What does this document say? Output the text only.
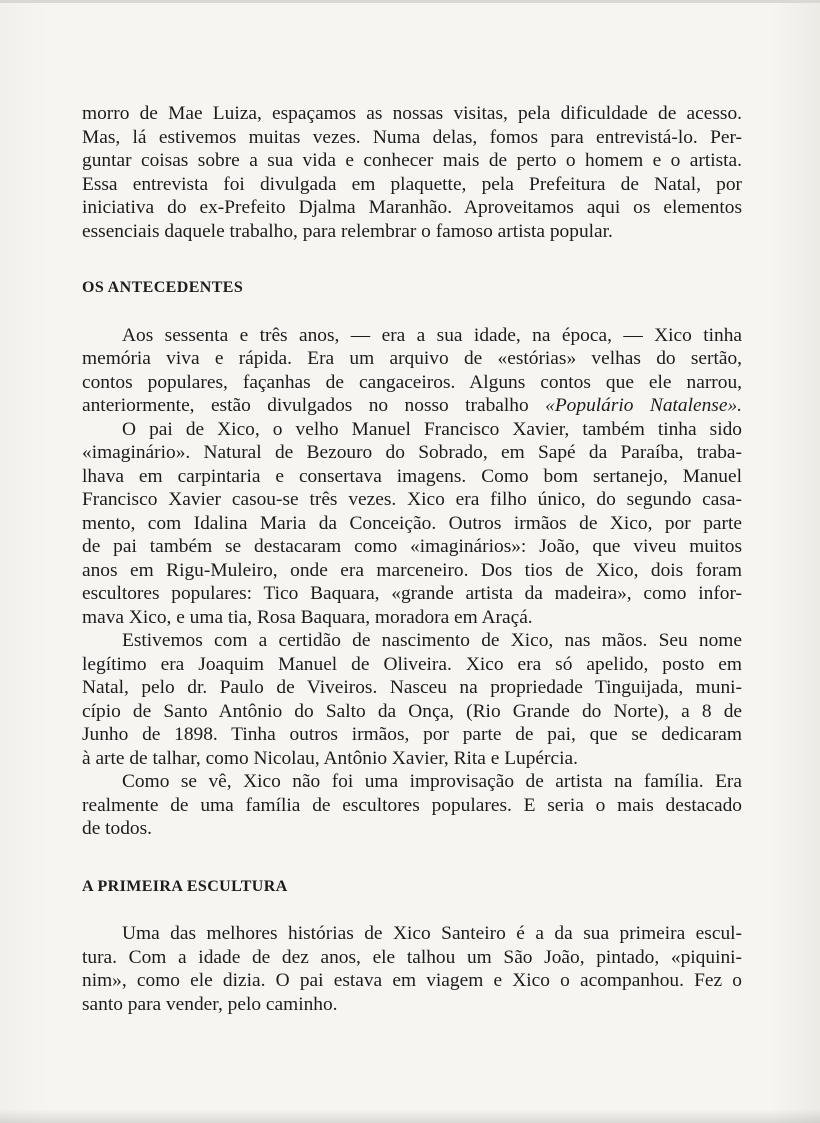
morro de Mae Luiza, espaçamos as nossas visitas, pela dificuldade de acesso.
Mas, lá estivemos muitas vezes. Numa delas, fomos para entrevistá-lo. Per-
guntar coisas sobre a sua vida e conhecer mais de perto o homem e o artista.
Essa entrevista foi divulgada em plaquette, pela Prefeitura de Natal, por
iniciativa do ex-Prefeito Djalma Maranhão. Aproveitamos aqui os elementos
essenciais daquele trabalho, para relembrar o famoso artista popular.

OS ANTECEDENTES

Aos sessenta e três anos, — era a sua idade, na época, — Xico tinha
memória viva e rápida. Era um arquivo de «estórias» velhas do sertão,
contos populares, façanhas de cangaceiros. Alguns contos que ele narrou,
anteriormente, estão divulgados no nosso trabalho «Populário Natalense».

O pai de Xico, o velho Manuel Francisco Xavier, também tinha sido
«imaginário». Natural de Bezouro do Sobrado, em Sapé da Paraíba, traba-
lhava em carpintaria e consertava imagens. Como bom sertanejo, Manuel
Francisco Xavier casou-se três vezes. Xico era filho único, do segundo casa-
mento, com Idalina Maria da Conceição. Outros irmãos de Xico, por parte
de pai também se destacaram como «imaginários»: João, que viveu muitos
anos em Rigu-Muleiro, onde era marceneiro. Dos tios de Xico, dois foram
escultores populares: Tico Baquara, «grande artista da madeira», como infor-
mava Xico, e uma tia, Rosa Baquara, moradora em Araçá.

Estivemos com a certidão de nascimento de Xico, nas mãos. Seu nome
legítimo era Joaquim Manuel de Oliveira. Xico era só apelido, posto em
Natal, pelo dr. Paulo de Viveiros. Nasceu na propriedade Tinguijada, muni-
cípio de Santo Antônio do Salto da Onça, (Rio Grande do Norte), a 8 de
Junho de 1898. Tinha outros irmãos, por parte de pai, que se dedicaram
à arte de talhar, como Nicolau, Antônio Xavier, Rita e Lupércia.

Como se vê, Xico não foi uma improvisação de artista na família. Era
realmente de uma família de escultores populares. E seria o mais destacado
de todos.

A PRIMEIRA ESCULTURA

Uma das melhores histórias de Xico Santeiro é a da sua primeira escul-
tura. Com a idade de dez anos, ele talhou um São João, pintado, «piquini-
nim», como ele dizia. O pai estava em viagem e Xico o acompanhou. Fez o
santo para vender, pelo caminho.
